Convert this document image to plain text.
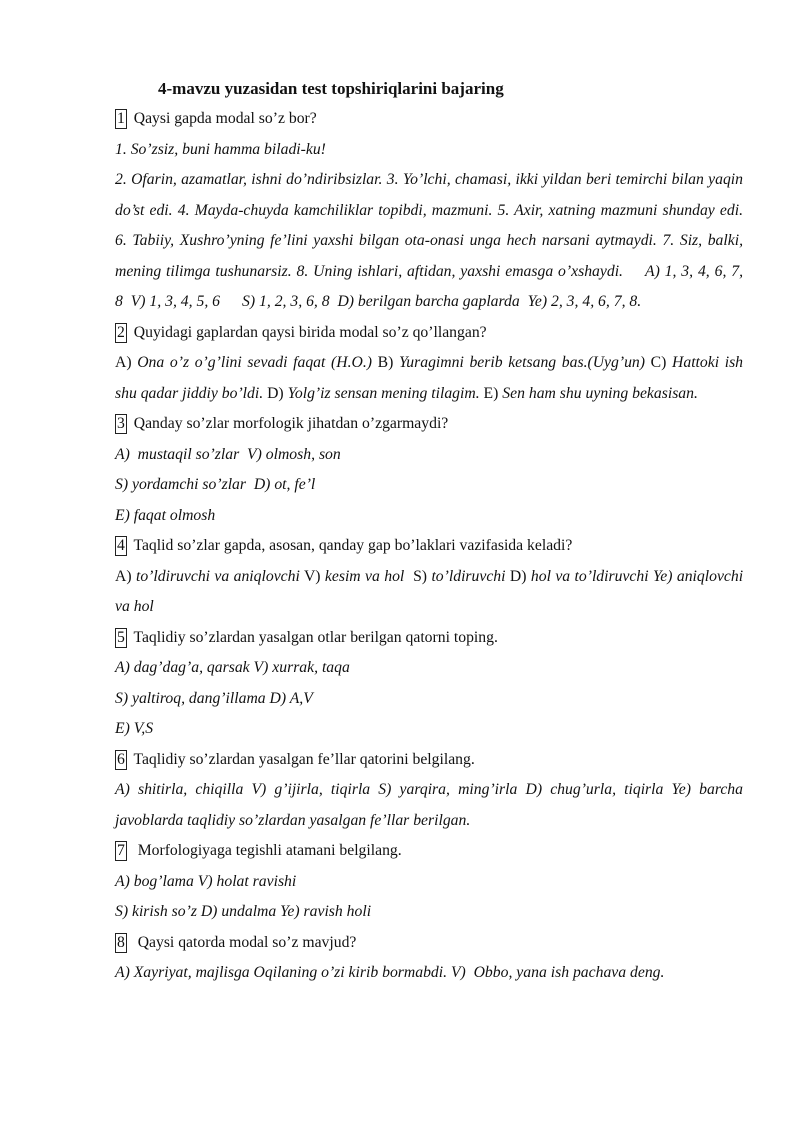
4-mavzu yuzasidan test topshiriqlarini bajaring

1 Qaysi gapda modal so’z bor?

1. So’zsiz, buni hamma biladi-ku!

2. Ofarin, azamatlar, ishni do’ndiribsizlar. 3. Yo’lchi, chamasi, ikki yildan beri temirchi bilan yaqin do’st edi. 4. Mayda-chuyda kamchiliklar topibdi, mazmuni. 5. Axir, xatning mazmuni shunday edi. 6. Tabiiy, Xushro’yning fe’lini yaxshi bilgan ota-onasi unga hech narsani aytmaydi. 7. Siz, balki, mening tilimga tushunarsiz. 8. Uning ishlari, aftidan, yaxshi emasga o’xshaydi. A) 1, 3, 4, 6, 7, 8 V) 1, 3, 4, 5, 6 S) 1, 2, 3, 6, 8 D) berilgan barcha gaplarda Ye) 2, 3, 4, 6, 7, 8.

2 Quyidagi gaplardan qaysi birida modal so’z qo’llangan?

A) Ona o’z o’g’lini sevadi faqat (H.O.) B) Yuragimni berib ketsang bas.(Uyg’un) C) Hattoki ish shu qadar jiddiy bo’ldi. D) Yolg’iz sensan mening tilagim. E) Sen ham shu uyning bekasisan.

3 Qanday so’zlar morfologik jihatdan o’zgarmaydi?

A)  mustaqil so’zlar  V) olmosh, son

S) yordamchi so’zlar  D) ot, fe’l

E) faqat olmosh

4 Taqlid so’zlar gapda, asosan, qanday gap bo’laklari vazifasida keladi?

A) to’ldiruvchi va aniqlovchi V) kesim va hol S) to’ldiruvchi D) hol va to’ldiruvchi Ye) aniqlovchi va hol

5 Taqlidiy so’zlardan yasalgan otlar berilgan qatorni toping.

A) dag’dag’a, qarsak V) xurrak, taqa

S) yaltiroq, dang’illama D) A,V

E) V,S

6 Taqlidiy so’zlardan yasalgan fe’llar qatorini belgilang.

A) shitirla, chiqilla V) g’ijirla, tiqirla S) yarqira, ming’irla D) chug’urla, tiqirla Ye) barcha javoblarda taqlidiy so’zlardan yasalgan fe’llar berilgan.

7  Morfologiyaga tegishli atamani belgilang.

A) bog’lama V) holat ravishi

S) kirish so’z D) undalma Ye) ravish holi

8  Qaysi qatorda modal so’z mavjud?

A) Xayriyat, majlisga Oqilaning o’zi kirib bormabdi. V)  Obbo, yana ish pachava deng.
